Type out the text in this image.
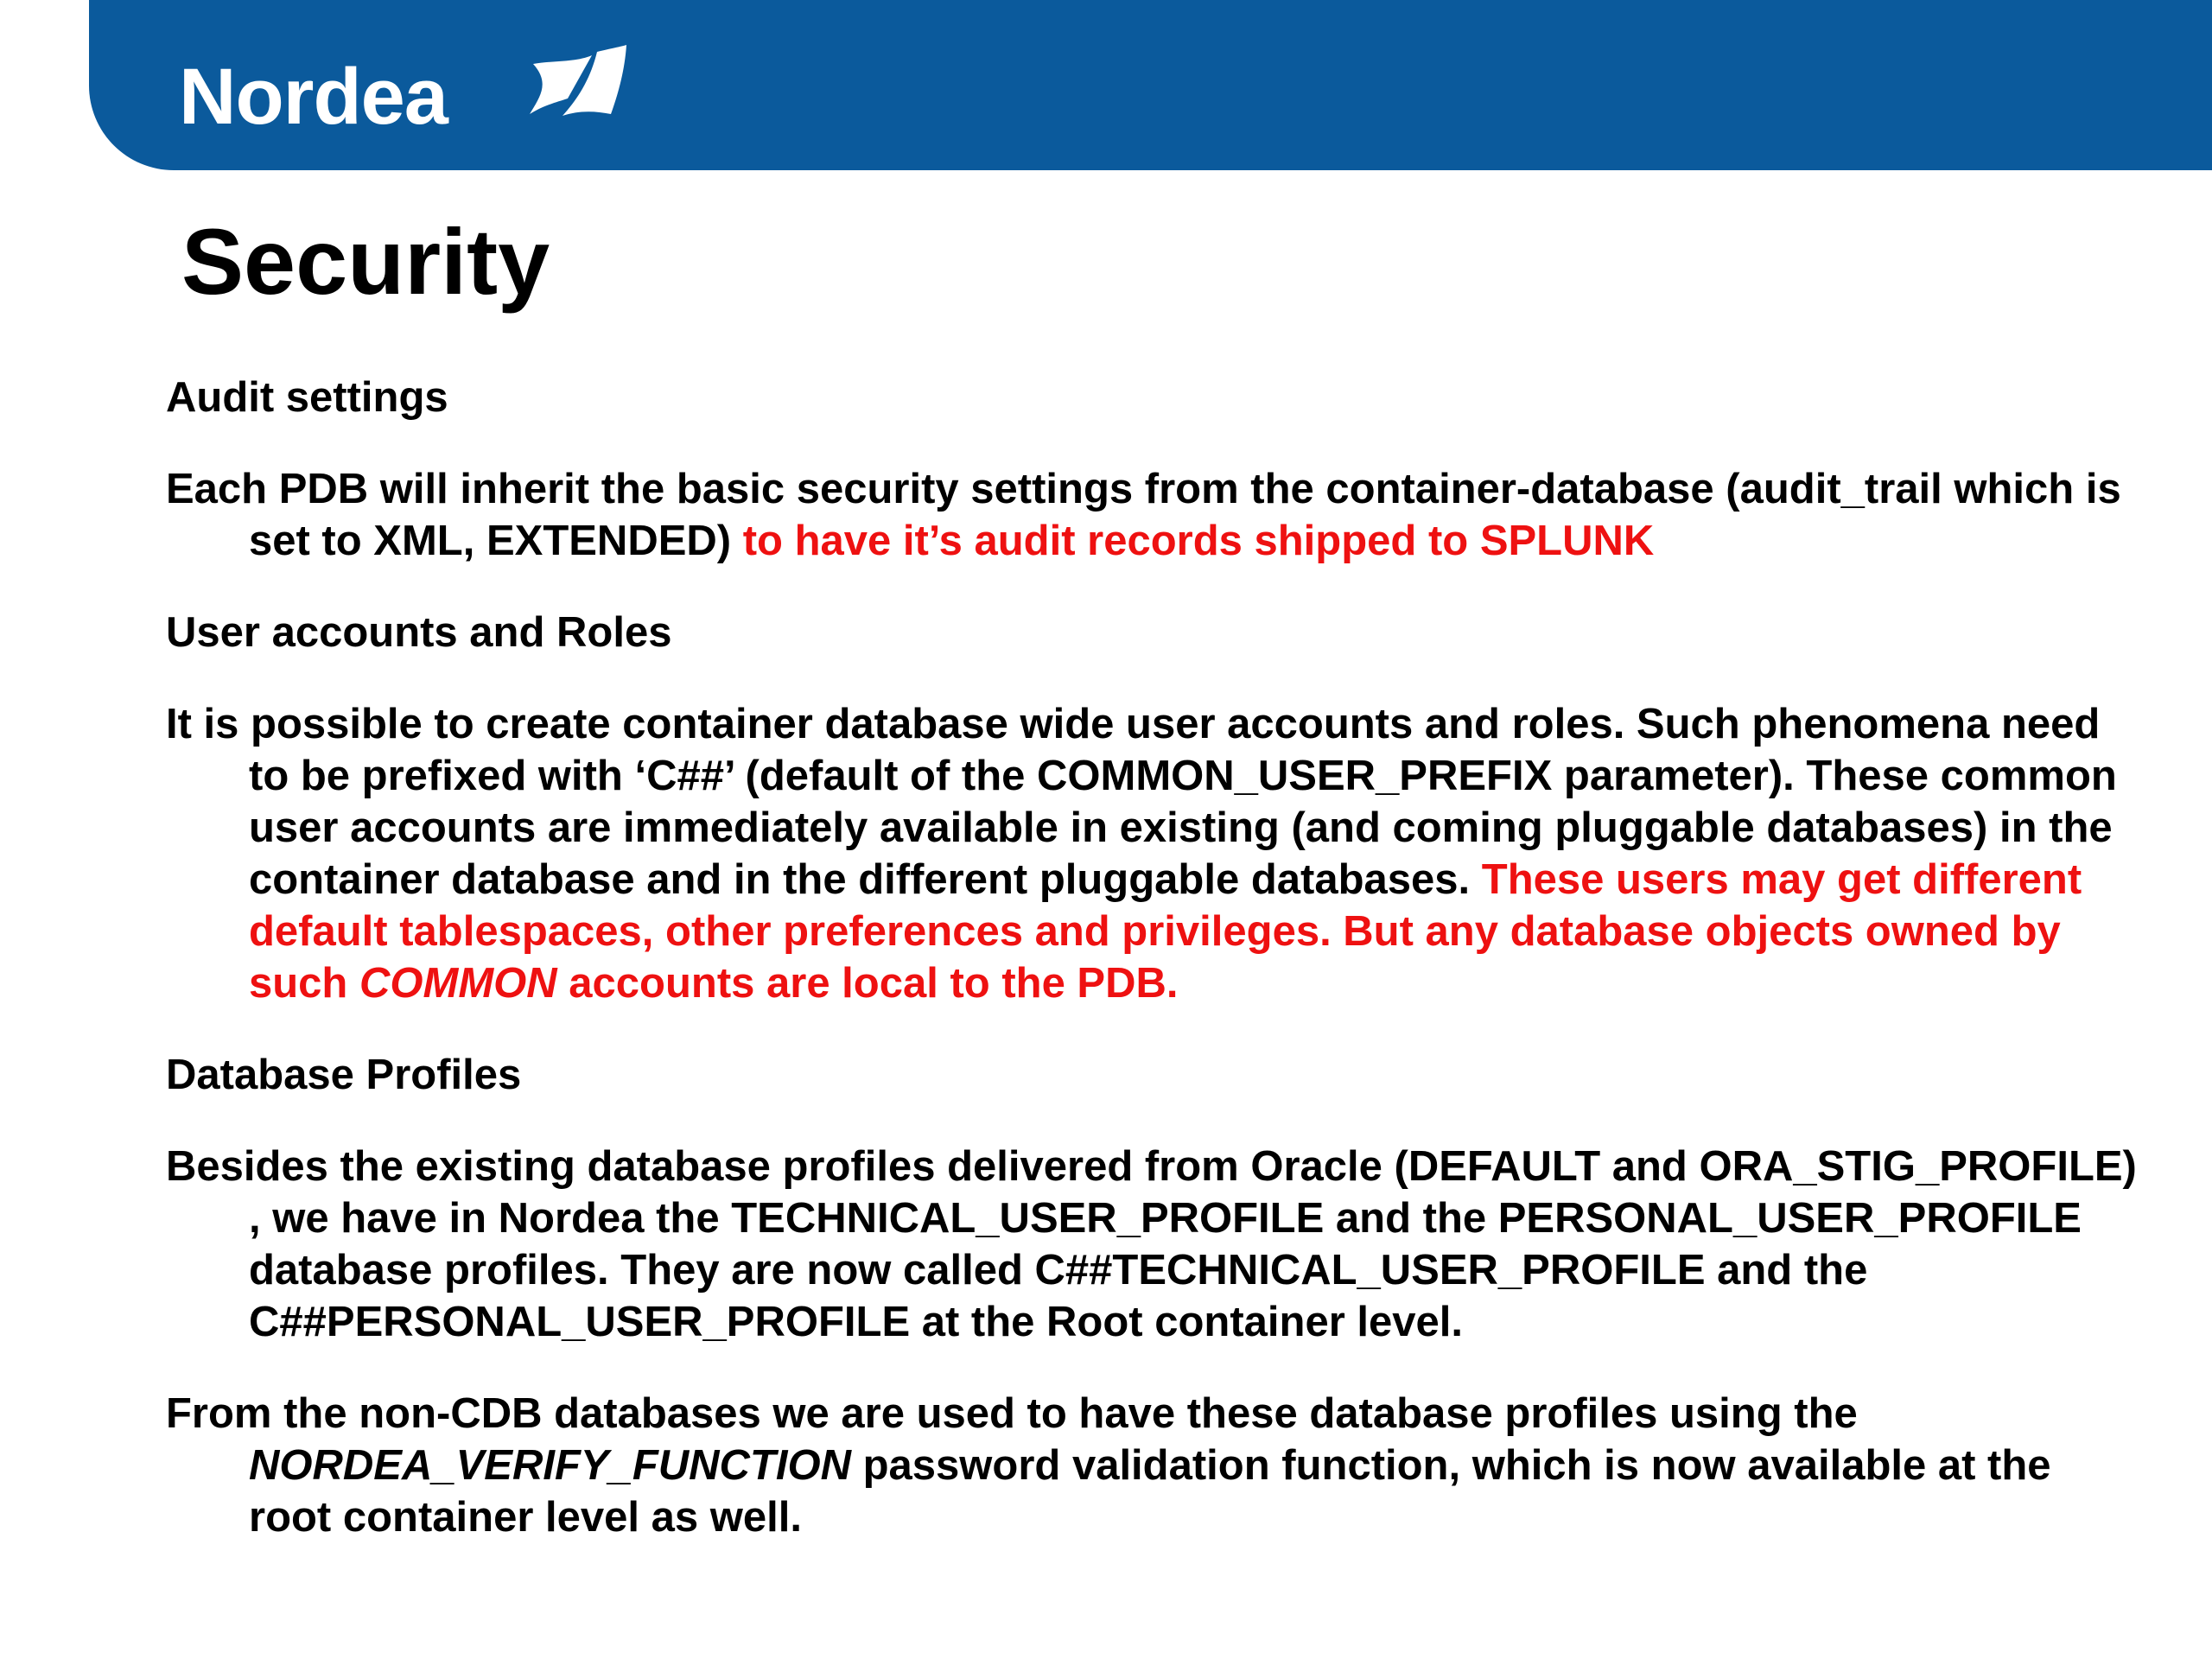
Nordea
Security

Audit settings

Each PDB will inherit the basic security settings from the container-database (audit_trail which is set to XML, EXTENDED) to have it’s audit records shipped to SPLUNK

User accounts and Roles

It is possible to create container database wide user accounts and roles. Such phenomena need to be prefixed with ‘C##’ (default of the COMMON_USER_PREFIX parameter). These common user accounts are immediately available in existing (and coming pluggable databases) in the container database and in the different pluggable databases. These users may get different default tablespaces, other preferences and privileges. But any database objects owned by such COMMON accounts are local to the PDB.

Database Profiles

Besides the existing database profiles delivered from Oracle (DEFAULT and ORA_STIG_PROFILE) , we have in Nordea the TECHNICAL_USER_PROFILE and the PERSONAL_USER_PROFILE database profiles. They are now called C##TECHNICAL_USER_PROFILE and the C##PERSONAL_USER_PROFILE at the Root container level.

From the non-CDB databases we are used to have these database profiles using the NORDEA_VERIFY_FUNCTION password validation function, which is now available at the root container level as well.
